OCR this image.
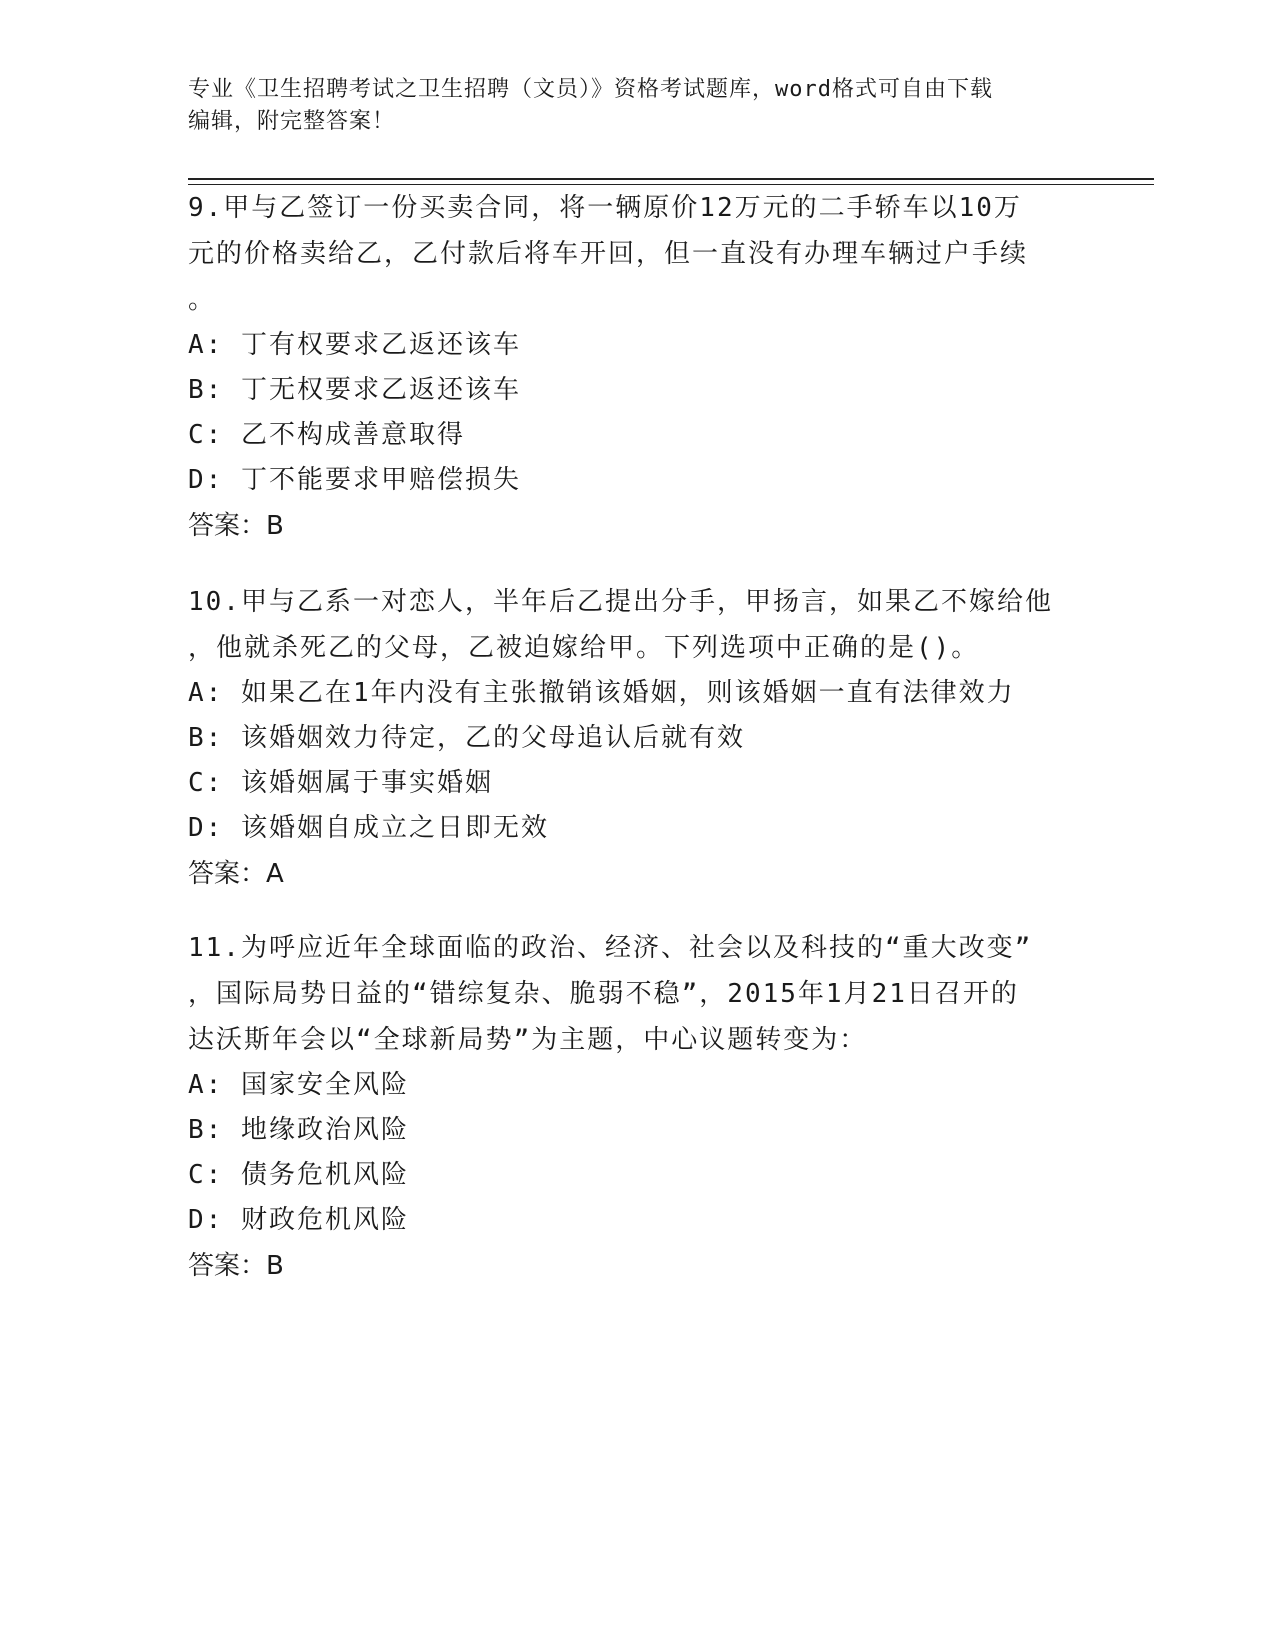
专业《卫生招聘考试之卫生招聘（文员）》资格考试题库，word格式可自由下载
编辑，附完整答案！

9.甲与乙签订一份买卖合同，将一辆原价12万元的二手轿车以10万
元的价格卖给乙，乙付款后将车开回，但一直没有办理车辆过户手续
。

A: 丁有权要求乙返还该车

B: 丁无权要求乙返还该车

C: 乙不构成善意取得

D: 丁不能要求甲赔偿损失

答案：B

10.甲与乙系一对恋人，半年后乙提出分手，甲扬言，如果乙不嫁给他
，他就杀死乙的父母，乙被迫嫁给甲。下列选项中正确的是()。

A: 如果乙在1年内没有主张撤销该婚姻，则该婚姻一直有法律效力

B: 该婚姻效力待定，乙的父母追认后就有效

C: 该婚姻属于事实婚姻

D: 该婚姻自成立之日即无效

答案：A

11.为呼应近年全球面临的政治、经济、社会以及科技的“重大改变”
，国际局势日益的“错综复杂、脆弱不稳”，2015年1月21日召开的
达沃斯年会以“全球新局势”为主题，中心议题转变为：

A: 国家安全风险

B: 地缘政治风险

C: 债务危机风险

D: 财政危机风险

答案：B
